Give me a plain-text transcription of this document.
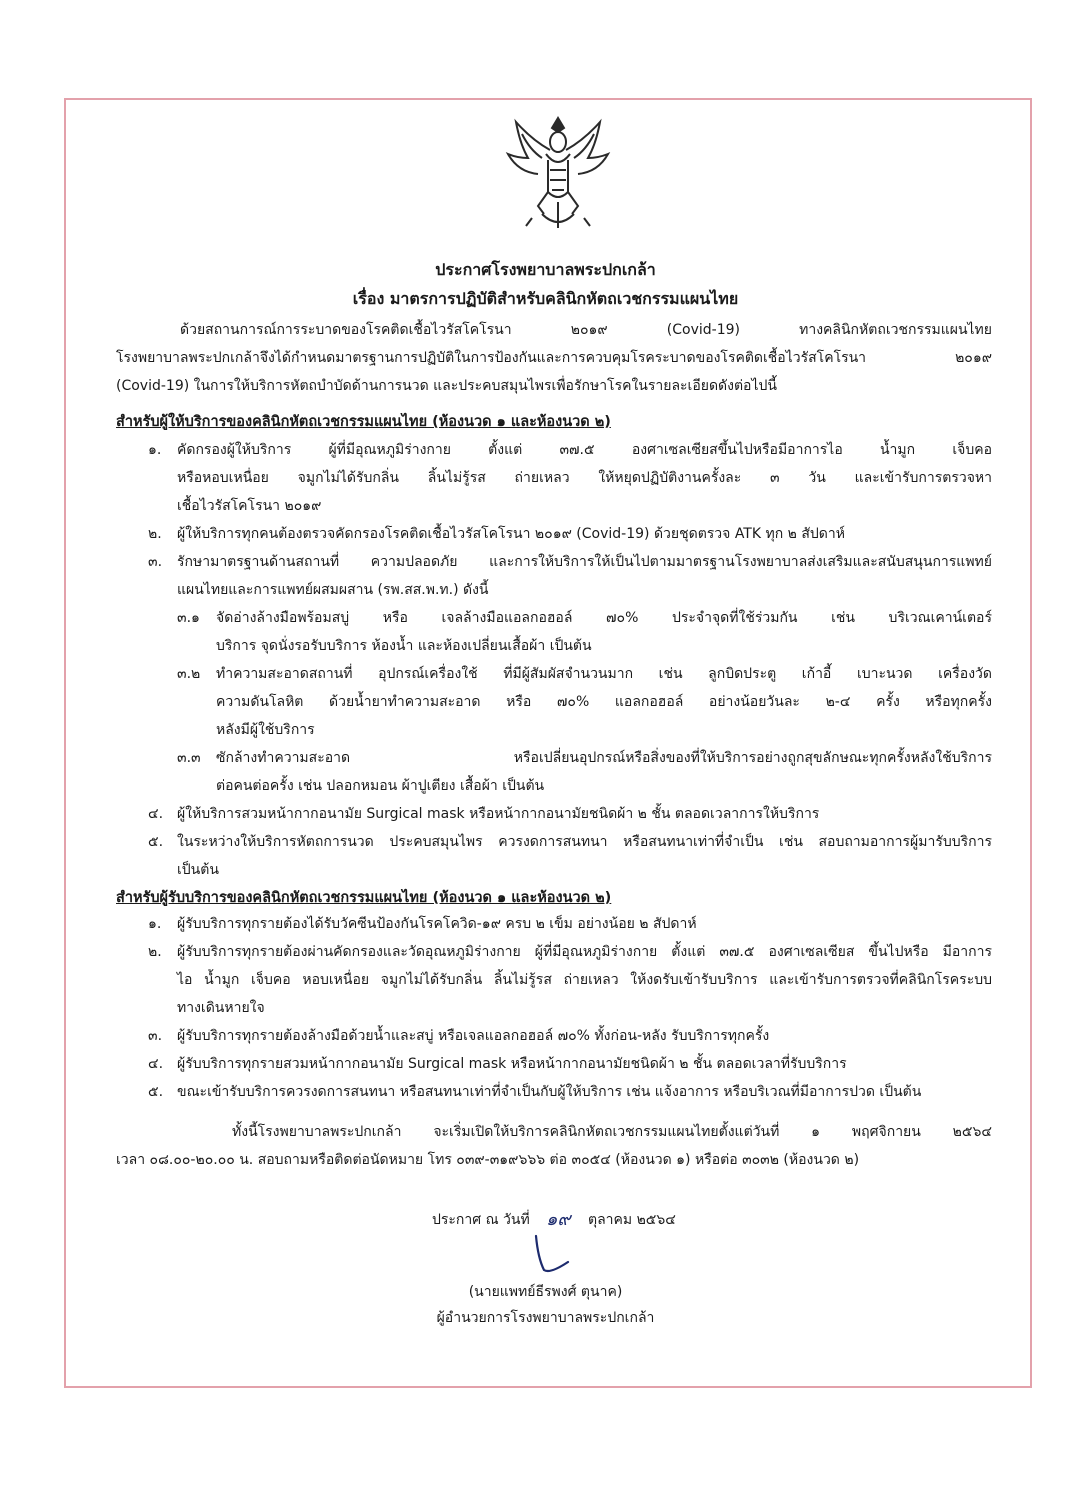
ประกาศโรงพยาบาลพระปกเกล้า

เรื่อง มาตรการปฏิบัติสำหรับคลินิกหัตถเวชกรรมแผนไทย

ด้วยสถานการณ์การระบาดของโรคติดเชื้อไวรัสโคโรนา ๒๐๑๙ (Covid-19) ทางคลินิกหัตถเวชกรรมแผนไทย

โรงพยาบาลพระปกเกล้าจึงได้กำหนดมาตรฐานการปฏิบัติในการป้องกันและการควบคุมโรคระบาดของโรคติดเชื้อไวรัสโคโรนา ๒๐๑๙

(Covid-19) ในการให้บริการหัตถบำบัดด้านการนวด และประคบสมุนไพรเพื่อรักษาโรคในรายละเอียดดังต่อไปนี้

สำหรับผู้ให้บริการของคลินิกหัตถเวชกรรมแผนไทย (ห้องนวด ๑ และห้องนวด ๒)

๑. คัดกรองผู้ให้บริการ ผู้ที่มีอุณหภูมิร่างกาย ตั้งแต่ ๓๗.๕ องศาเซลเซียสขึ้นไปหรือมีอาการไอ น้ำมูก เจ็บคอ

หรือหอบเหนื่อย จมูกไม่ได้รับกลิ่น ลิ้นไม่รู้รส ถ่ายเหลว ให้หยุดปฏิบัติงานครั้งละ ๓ วัน และเข้ารับการตรวจหา

เชื้อไวรัสโคโรนา ๒๐๑๙

๒. ผู้ให้บริการทุกคนต้องตรวจคัดกรองโรคติดเชื้อไวรัสโคโรนา ๒๐๑๙ (Covid-19) ด้วยชุดตรวจ ATK ทุก ๒ สัปดาห์

๓. รักษามาตรฐานด้านสถานที่ ความปลอดภัย และการให้บริการให้เป็นไปตามมาตรฐานโรงพยาบาลส่งเสริมและสนับสนุนการแพทย์

แผนไทยและการแพทย์ผสมผสาน (รพ.สส.พ.ท.) ดังนี้

๓.๑ จัดอ่างล้างมือพร้อมสบู่ หรือ เจลล้างมือแอลกอฮอล์ ๗๐% ประจำจุดที่ใช้ร่วมกัน เช่น บริเวณเคาน์เตอร์

บริการ จุดนั่งรอรับบริการ ห้องน้ำ และห้องเปลี่ยนเสื้อผ้า เป็นต้น

๓.๒ ทำความสะอาดสถานที่ อุปกรณ์เครื่องใช้ ที่มีผู้สัมผัสจำนวนมาก เช่น ลูกบิดประตู เก้าอี้ เบาะนวด เครื่องวัด

ความดันโลหิต ด้วยน้ำยาทำความสะอาด หรือ ๗๐% แอลกอฮอล์ อย่างน้อยวันละ ๒-๔ ครั้ง หรือทุกครั้ง

หลังมีผู้ใช้บริการ

๓.๓ ซักล้างทำความสะอาด หรือเปลี่ยนอุปกรณ์หรือสิ่งของที่ให้บริการอย่างถูกสุขลักษณะทุกครั้งหลังใช้บริการ

ต่อคนต่อครั้ง เช่น ปลอกหมอน ผ้าปูเตียง เสื้อผ้า เป็นต้น

๔. ผู้ให้บริการสวมหน้ากากอนามัย Surgical mask หรือหน้ากากอนามัยชนิดผ้า ๒ ชั้น ตลอดเวลาการให้บริการ

๕. ในระหว่างให้บริการหัตถการนวด ประคบสมุนไพร ควรงดการสนทนา หรือสนทนาเท่าที่จำเป็น เช่น สอบถามอาการผู้มารับบริการ

เป็นต้น

สำหรับผู้รับบริการของคลินิกหัตถเวชกรรมแผนไทย (ห้องนวด ๑ และห้องนวด ๒)

๑. ผู้รับบริการทุกรายต้องได้รับวัคซีนป้องกันโรคโควิด-๑๙ ครบ ๒ เข็ม อย่างน้อย ๒ สัปดาห์

๒. ผู้รับบริการทุกรายต้องผ่านคัดกรองและวัดอุณหภูมิร่างกาย ผู้ที่มีอุณหภูมิร่างกาย ตั้งแต่ ๓๗.๕ องศาเซลเซียส ขึ้นไปหรือ มีอาการ

ไอ น้ำมูก เจ็บคอ หอบเหนื่อย จมูกไม่ได้รับกลิ่น ลิ้นไม่รู้รส ถ่ายเหลว ให้งดรับเข้ารับบริการ และเข้ารับการตรวจที่คลินิกโรคระบบ

ทางเดินหายใจ

๓. ผู้รับบริการทุกรายต้องล้างมือด้วยน้ำและสบู่ หรือเจลแอลกอฮอล์ ๗๐% ทั้งก่อน-หลัง รับบริการทุกครั้ง

๔. ผู้รับบริการทุกรายสวมหน้ากากอนามัย Surgical mask หรือหน้ากากอนามัยชนิดผ้า ๒ ชั้น ตลอดเวลาที่รับบริการ

๕. ขณะเข้ารับบริการควรงดการสนทนา หรือสนทนาเท่าที่จำเป็นกับผู้ให้บริการ เช่น แจ้งอาการ หรือบริเวณที่มีอาการปวด เป็นต้น

ทั้งนี้โรงพยาบาลพระปกเกล้า จะเริ่มเปิดให้บริการคลินิกหัตถเวชกรรมแผนไทยตั้งแต่วันที่ ๑ พฤศจิกายน ๒๕๖๔

เวลา ๐๘.๐๐-๒๐.๐๐ น. สอบถามหรือติดต่อนัดหมาย โทร ๐๓๙-๓๑๙๖๖๖ ต่อ ๓๐๕๔ (ห้องนวด ๑) หรือต่อ ๓๐๓๒ (ห้องนวด ๒)

ประกาศ ณ วันที่ ๑๙ ตุลาคม ๒๕๖๔

(นายแพทย์ธีรพงศ์ ตุนาค)

ผู้อำนวยการโรงพยาบาลพระปกเกล้า
